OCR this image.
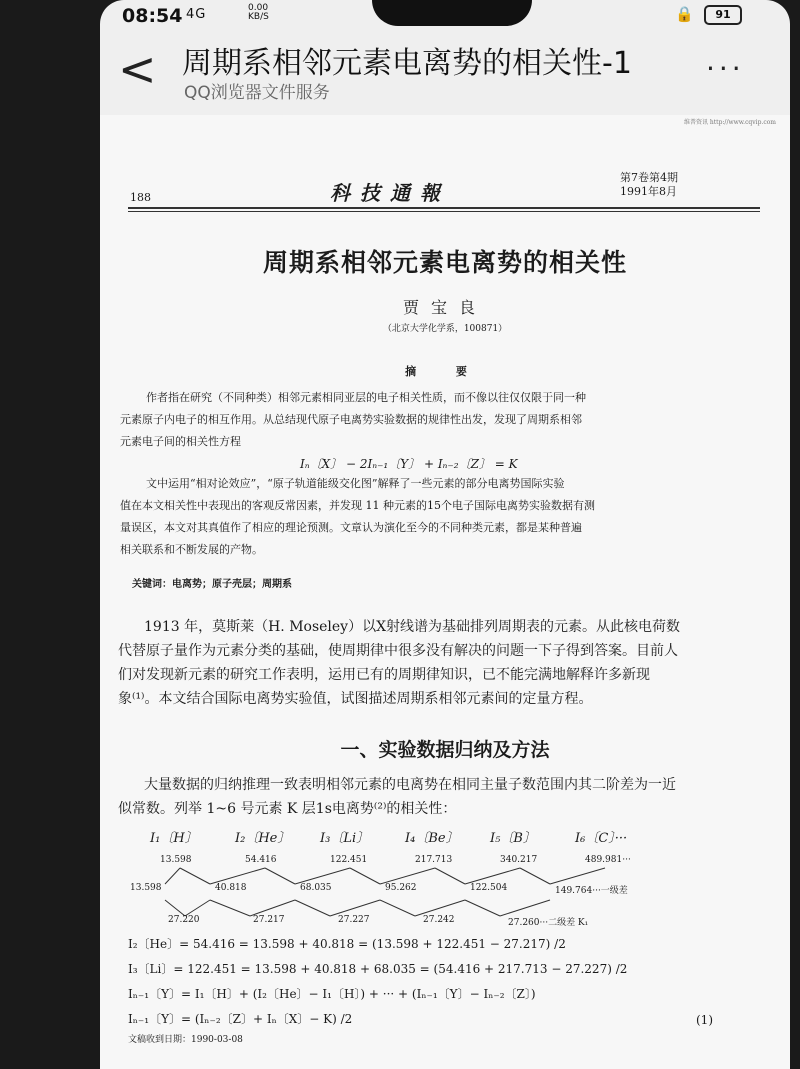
08:54 4G	0.00
KB/S	🔒	91
< 周期系相邻元素电离势的相关性-1
QQ浏览器文件服务
...
维普资讯 http://www.cqvip.com
188	科技通報
第7卷第4期
1991年8月
周期系相邻元素电离势的相关性
贾宝良
（北京大学化学系，100871）
摘 要
作者指在研究（不同种类）相邻元素相同亚层的电子相关性质，而不像以往仅仅限于同一种
元素原子内电子的相互作用。从总结现代原子电离势实验数据的规律性出发，发现了周期系相邻
元素电子间的相关性方程
Iₙ〔X〕 − 2Iₙ₋₁〔Y〕 + Iₙ₋₂〔Z〕 = K
文中运用“相对论效应”，“原子轨道能级交化图”解释了一些元素的部分电离势国际实验
值在本文相关性中表现出的客观反常因素，并发现 11 种元素的15个电子国际电离势实验数据有测
量误区，本文对其真值作了相应的理论预测。文章认为演化至今的不同种类元素，都是某种普遍
相关联系和不断发展的产物。
关键词：电离势；原子壳层；周期系
1913 年，莫斯莱（H. Moseley）以X射线谱为基础排列周期表的元素。从此核电荷数
代替原子量作为元素分类的基础，使周期律中很多没有解决的问题一下子得到答案。目前人
们对发现新元素的研究工作表明，运用已有的周期律知识，已不能完满地解释许多新现
象⁽¹⁾。本文结合国际电离势实验值，试图描述周期系相邻元素间的定量方程。
一、实验数据归纳及方法
大量数据的归纳推理一致表明相邻元素的电离势在相同主量子数范围内其二阶差为一近
似常数。列举 1~6 号元素 K 层1s电离势⁽²⁾的相关性：
I₁〔H〕	I₂〔He〕 I₃〔Li〕	I₄〔Be〕 I₅〔B〕	I₆〔C〕···
13.598	54.416	122.451	217.713	340.217	489.981···
13.598	40.818	68.035	95.262	122.504	149.764···一级差
27.220	27.217	27.227	27.242	27.260···二级差 K₁
I₂〔He〕= 54.416 = 13.598 + 40.818 = (13.598 + 122.451 − 27.217) /2
I₃〔Li〕= 122.451 = 13.598 + 40.818 + 68.035 = (54.416 + 217.713 − 27.227) /2
Iₙ₋₁〔Y〕= I₁〔H〕+ (I₂〔He〕− I₁〔H〕) + ··· + (Iₙ₋₁〔Y〕− Iₙ₋₂〔Z〕)
Iₙ₋₁〔Y〕= (Iₙ₋₂〔Z〕+ Iₙ〔X〕− K) /2	(1)
文稿收到日期：1990-03-08
